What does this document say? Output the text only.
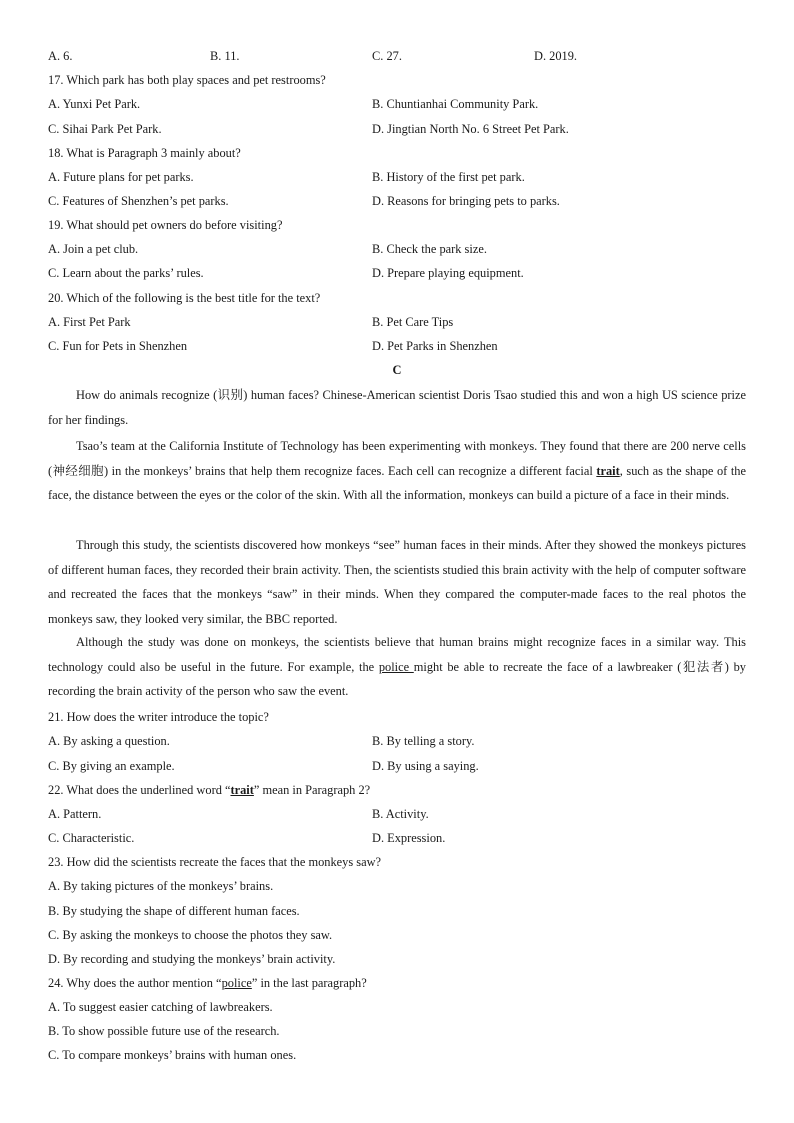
A. 6.	B. 11.	C. 27.	D. 2019.
17. Which park has both play spaces and pet restrooms?
A. Yunxi Pet Park.	B. Chuntianhai Community Park.
C. Sihai Park Pet Park.	D. Jingtian North No. 6 Street Pet Park.
18. What is Paragraph 3 mainly about?
A. Future plans for pet parks.	B. History of the first pet park.
C. Features of Shenzhen’s pet parks.	D. Reasons for bringing pets to parks.
19. What should pet owners do before visiting?
A. Join a pet club.	B. Check the park size.
C. Learn about the parks’ rules.	D. Prepare playing equipment.
20. Which of the following is the best title for the text?
A. First Pet Park	B. Pet Care Tips
C. Fun for Pets in Shenzhen	D. Pet Parks in Shenzhen
C
How do animals recognize (识别) human faces? Chinese-American scientist Doris Tsao studied this and won a high US science prize for her findings.
Tsao’s team at the California Institute of Technology has been experimenting with monkeys. They found that there are 200 nerve cells (神经细胞) in the monkeys’ brains that help them recognize faces. Each cell can recognize a different facial trait, such as the shape of the face, the distance between the eyes or the color of the skin. With all the information, monkeys can build a picture of a face in their minds.
Through this study, the scientists discovered how monkeys “see” human faces in their minds. After they showed the monkeys pictures of different human faces, they recorded their brain activity. Then, the scientists studied this brain activity with the help of computer software and recreated the faces that the monkeys “saw” in their minds. When they compared the computer-made faces to the real photos the monkeys saw, they looked very similar, the BBC reported.
Although the study was done on monkeys, the scientists believe that human brains might recognize faces in a similar way. This technology could also be useful in the future. For example, the police might be able to recreate the face of a lawbreaker (犯法者) by recording the brain activity of the person who saw the event.
21. How does the writer introduce the topic?
A. By asking a question.	B. By telling a story.
C. By giving an example.	D. By using a saying.
22. What does the underlined word “trait” mean in Paragraph 2?
A. Pattern.	B. Activity.
C. Characteristic.	D. Expression.
23. How did the scientists recreate the faces that the monkeys saw?
A. By taking pictures of the monkeys’ brains.
B. By studying the shape of different human faces.
C. By asking the monkeys to choose the photos they saw.
D. By recording and studying the monkeys’ brain activity.
24. Why does the author mention “police” in the last paragraph?
A. To suggest easier catching of lawbreakers.
B. To show possible future use of the research.
C. To compare monkeys’ brains with human ones.
